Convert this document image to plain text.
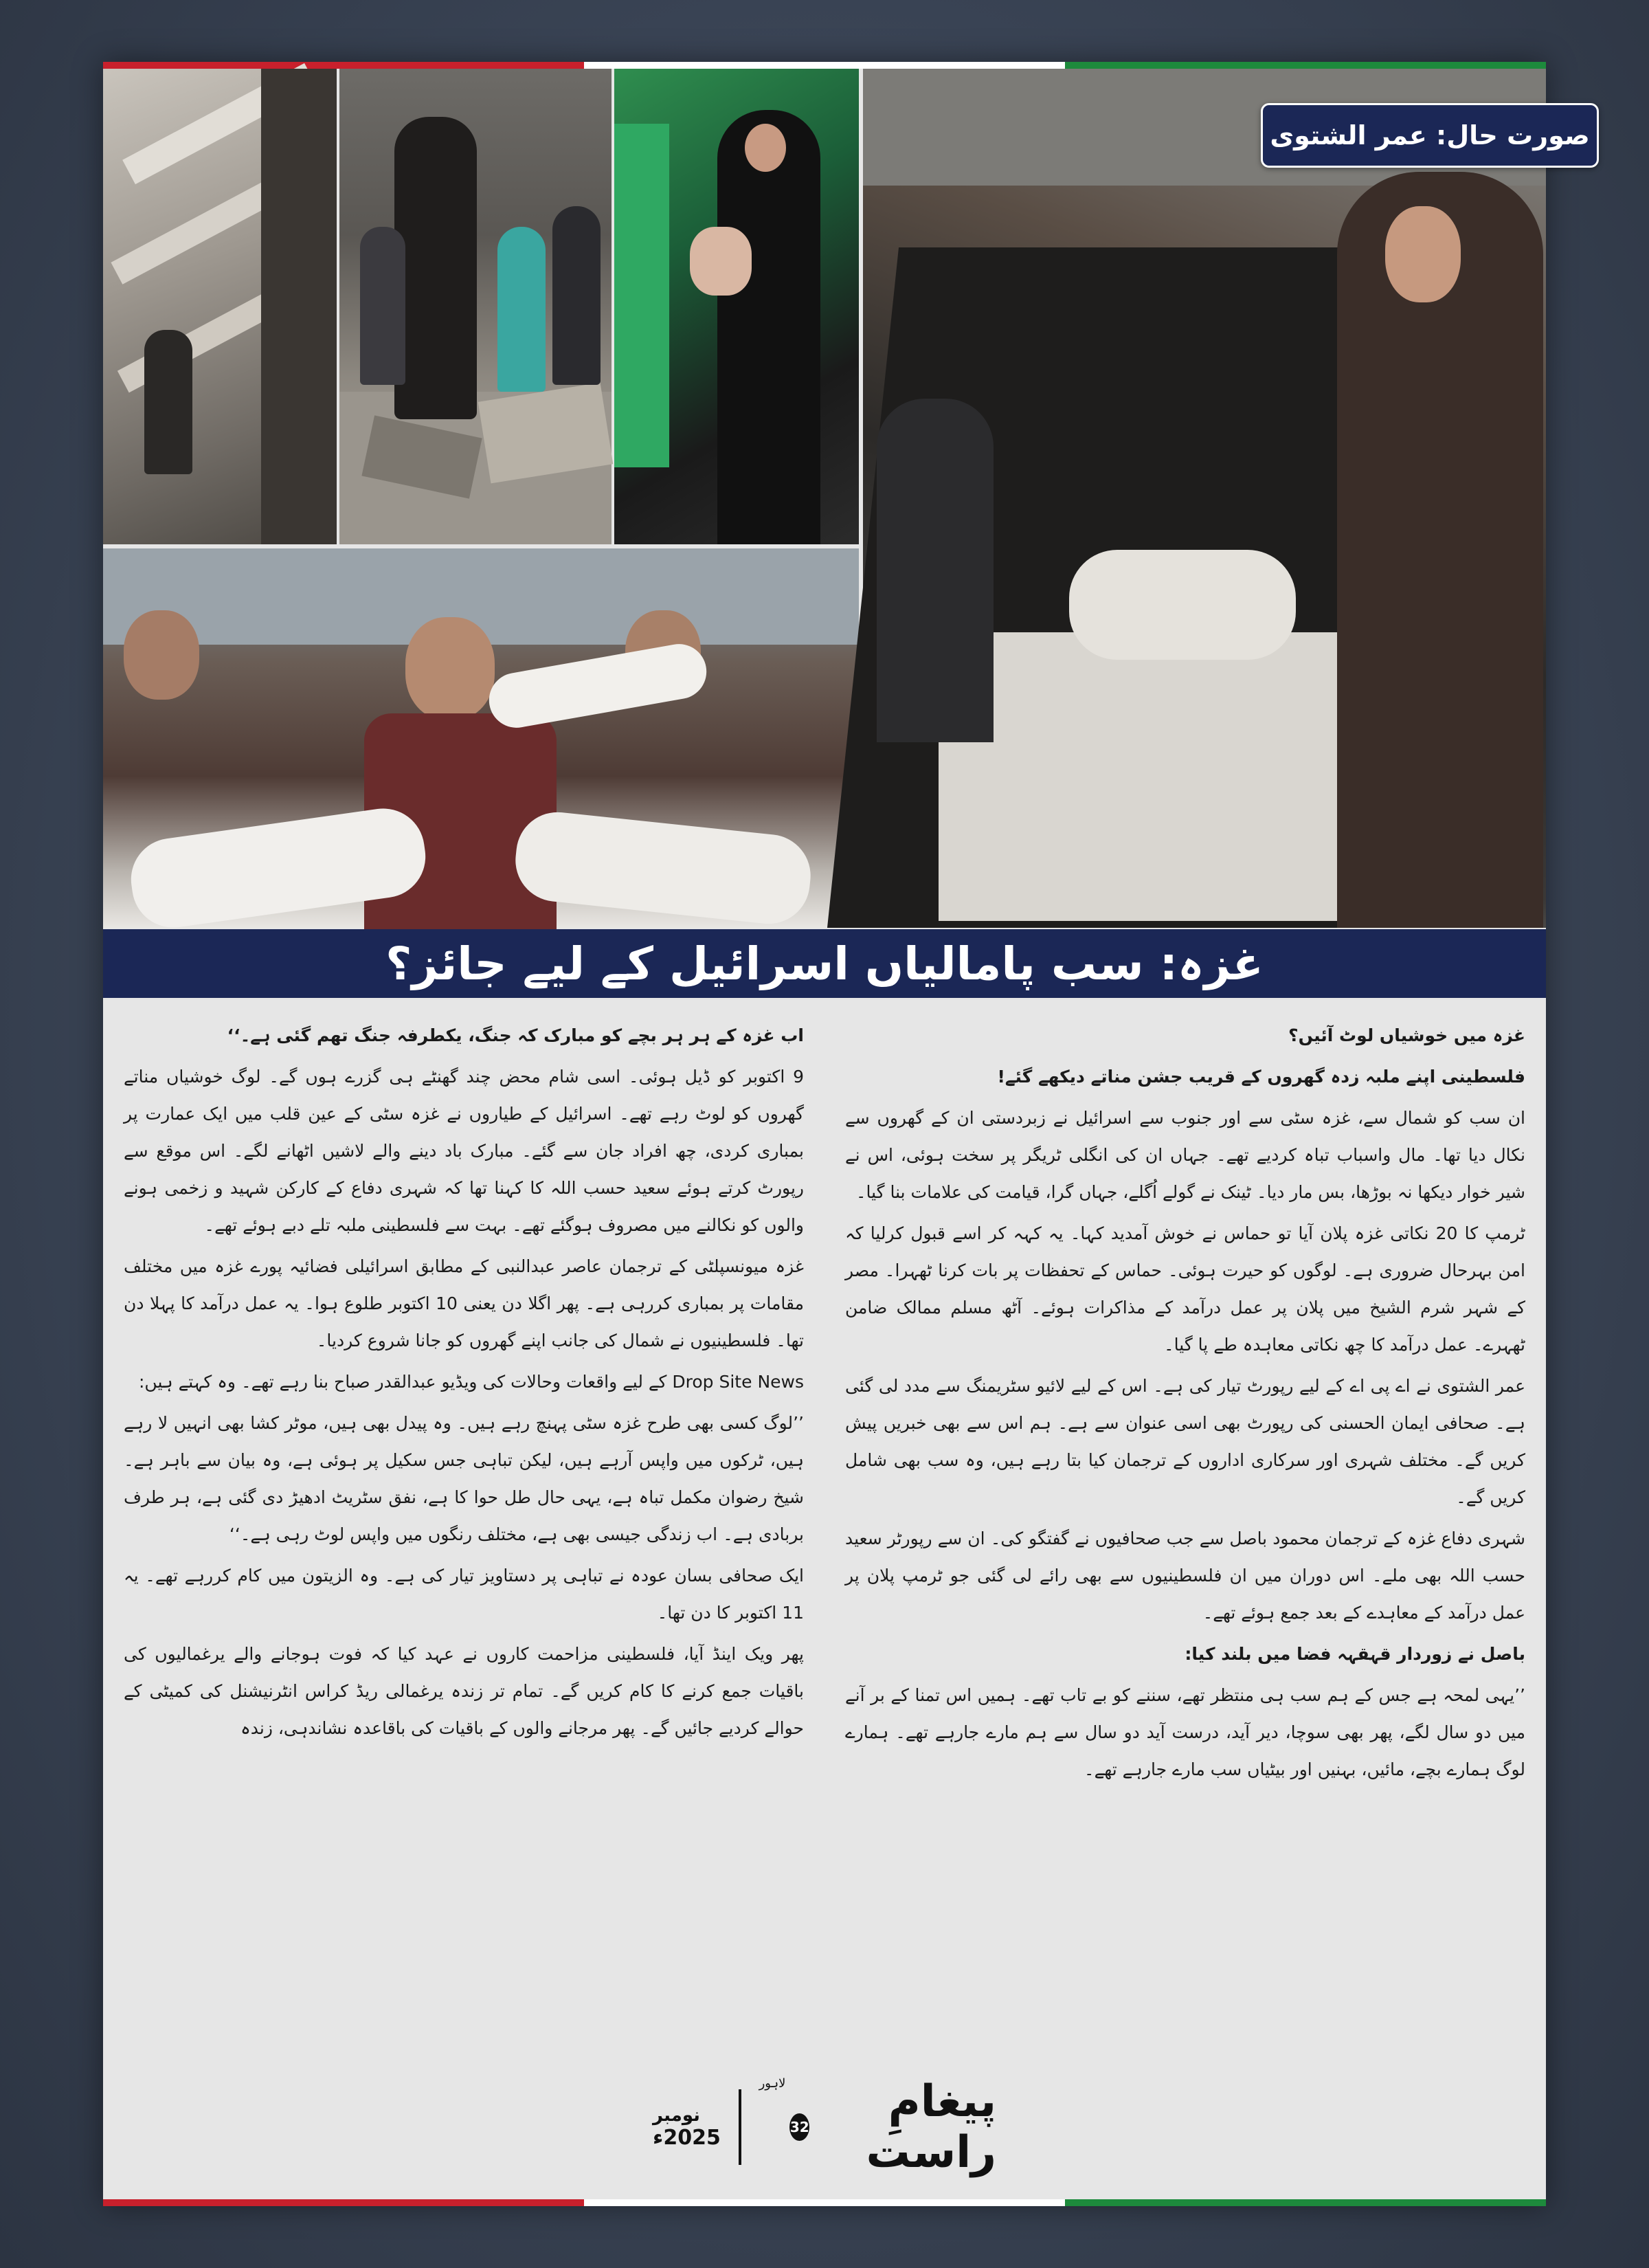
صورت حال: عمر الشتوی
غزہ: سب پامالیاں اسرائیل کے لیے جائز؟

غزہ میں خوشیاں لوٹ آئیں؟

فلسطینی اپنے ملبہ زدہ گھروں کے قریب جشن مناتے دیکھے گئے!

ان سب کو شمال سے، غزہ سٹی سے اور جنوب سے اسرائیل نے زبردستی ان کے گھروں سے نکال دیا تھا۔ مال واسباب تباہ کردیے تھے۔ جہاں ان کی انگلی ٹریگر پر سخت ہوئی، اس نے شیر خوار دیکھا نہ بوڑھا، بس مار دیا۔ ٹینک نے گولے اُگلے، جہاں گرا، قیامت کی علامات بنا گیا۔

ٹرمپ کا 20 نکاتی غزہ پلان آیا تو حماس نے خوش آمدید کہا۔ یہ کہہ کر اسے قبول کرلیا کہ امن بہرحال ضروری ہے۔ لوگوں کو حیرت ہوئی۔ حماس کے تحفظات پر بات کرنا ٹھہرا۔ مصر کے شہر شرم الشیخ میں پلان پر عمل درآمد کے مذاکرات ہوئے۔ آٹھ مسلم ممالک ضامن ٹھہرے۔ عمل درآمد کا چھ نکاتی معاہدہ طے پا گیا۔

عمر الشتوی نے اے پی اے کے لیے رپورٹ تیار کی ہے۔ اس کے لیے لائیو سٹریمنگ سے مدد لی گئی ہے۔ صحافی ایمان الحسنی کی رپورٹ بھی اسی عنوان سے ہے۔ ہم اس سے بھی خبریں پیش کریں گے۔ مختلف شہری اور سرکاری اداروں کے ترجمان کیا بتا رہے ہیں، وہ سب بھی شامل کریں گے۔

شہری دفاع غزہ کے ترجمان محمود باصل سے جب صحافیوں نے گفتگو کی۔ ان سے رپورٹر سعید حسب اللہ بھی ملے۔ اس دوران میں ان فلسطینیوں سے بھی رائے لی گئی جو ٹرمپ پلان پر عمل درآمد کے معاہدے کے بعد جمع ہوئے تھے۔

باصل نے زوردار قہقہہ فضا میں بلند کیا:

’’یہی لمحہ ہے جس کے ہم سب ہی منتظر تھے، سننے کو بے تاب تھے۔ ہمیں اس تمنا کے بر آنے میں دو سال لگے، پھر بھی سوچا، دیر آید، درست آید دو سال سے ہم مارے جارہے تھے۔ ہمارے لوگ ہمارے بچے، مائیں، بہنیں اور بیٹیاں سب مارے جارہے تھے۔

اب غزہ کے ہر ہر بچے کو مبارک کہ جنگ، یکطرفہ جنگ تھم گئی ہے۔‘‘

9 اکتوبر کو ڈیل ہوئی۔ اسی شام محض چند گھنٹے ہی گزرے ہوں گے۔ لوگ خوشیاں مناتے گھروں کو لوٹ رہے تھے۔ اسرائیل کے طیاروں نے غزہ سٹی کے عین قلب میں ایک عمارت پر بمباری کردی، چھ افراد جان سے گئے۔ مبارک باد دینے والے لاشیں اٹھانے لگے۔ اس موقع سے رپورٹ کرتے ہوئے سعید حسب اللہ کا کہنا تھا کہ شہری دفاع کے کارکن شہید و زخمی ہونے والوں کو نکالنے میں مصروف ہوگئے تھے۔ بہت سے فلسطینی ملبہ تلے دبے ہوئے تھے۔

غزہ میونسپلٹی کے ترجمان عاصر عبدالنبی کے مطابق اسرائیلی فضائیہ پورے غزہ میں مختلف مقامات پر بمباری کررہی ہے۔ پھر اگلا دن یعنی 10 اکتوبر طلوع ہوا۔ یہ عمل درآمد کا پہلا دن تھا۔ فلسطینیوں نے شمال کی جانب اپنے گھروں کو جانا شروع کردیا۔

Drop Site News کے لیے واقعات وحالات کی ویڈیو عبدالقدر صباح بنا رہے تھے۔ وہ کہتے ہیں:

’’لوگ کسی بھی طرح غزہ سٹی پہنچ رہے ہیں۔ وہ پیدل بھی ہیں، موٹر کشا بھی انہیں لا رہے ہیں، ٹرکوں میں واپس آرہے ہیں، لیکن تباہی جس سکیل پر ہوئی ہے، وہ بیان سے باہر ہے۔ شیخ رضوان مکمل تباہ ہے، یہی حال طل حوا کا ہے، نفق سٹریٹ ادھیڑ دی گئی ہے، ہر طرف بربادی ہے۔ اب زندگی جیسی بھی ہے، مختلف رنگوں میں واپس لوٹ رہی ہے۔‘‘

ایک صحافی بسان عودہ نے تباہی پر دستاویز تیار کی ہے۔ وہ الزیتون میں کام کررہے تھے۔ یہ 11 اکتوبر کا دن تھا۔

پھر ویک اینڈ آیا، فلسطینی مزاحمت کاروں نے عہد کیا کہ فوت ہوجانے والے یرغمالیوں کی باقیات جمع کرنے کا کام کریں گے۔ تمام تر زندہ یرغمالی ریڈ کراس انٹرنیشنل کی کمیٹی کے حوالے کردیے جائیں گے۔ پھر مرجانے والوں کے باقیات کی باقاعدہ نشاندہی، زندہ

نومبر
2025ء
پیغامِ راست
32
لاہور
